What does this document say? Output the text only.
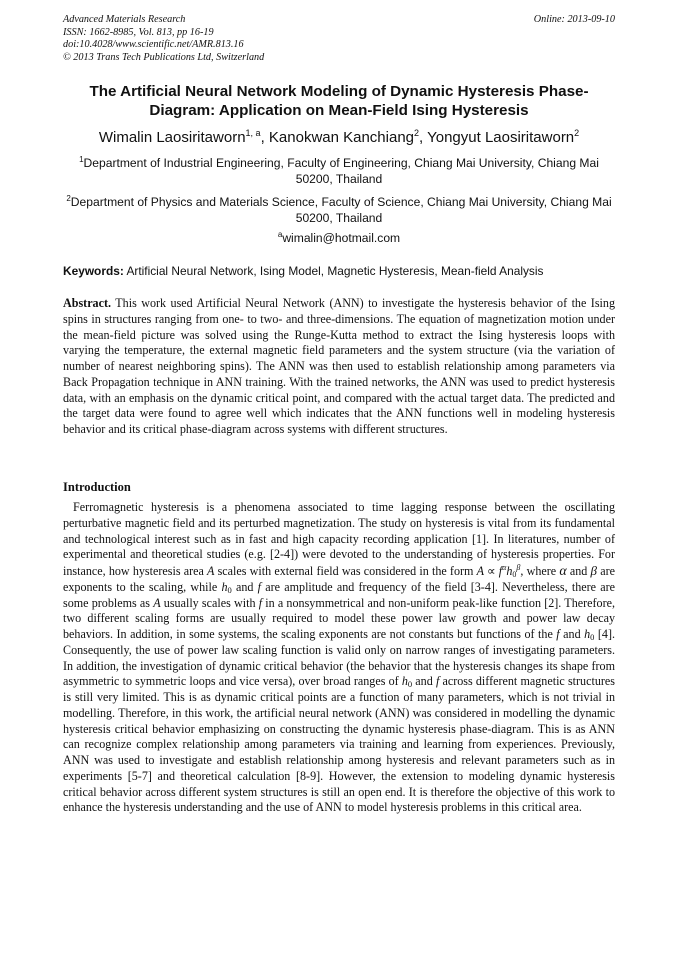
Advanced Materials Research
ISSN: 1662-8985, Vol. 813, pp 16-19
doi:10.4028/www.scientific.net/AMR.813.16
© 2013 Trans Tech Publications Ltd, Switzerland
Online: 2013-09-10
The Artificial Neural Network Modeling of Dynamic Hysteresis Phase-Diagram: Application on Mean-Field Ising Hysteresis
Wimalin Laosiritaworn$^{1, a}$, Kanokwan Kanchiang$^2$, Yongyut Laosiritaworn$^2$
$^1$Department of Industrial Engineering, Faculty of Engineering, Chiang Mai University, Chiang Mai 50200, Thailand
$^2$Department of Physics and Materials Science, Faculty of Science, Chiang Mai University, Chiang Mai 50200, Thailand
$^a$wimalin@hotmail.com
Keywords: Artificial Neural Network, Ising Model, Magnetic Hysteresis, Mean-field Analysis
Abstract. This work used Artificial Neural Network (ANN) to investigate the hysteresis behavior of the Ising spins in structures ranging from one- to two- and three-dimensions. The equation of magnetization motion under the mean-field picture was solved using the Runge-Kutta method to extract the Ising hysteresis loops with varying the temperature, the external magnetic field parameters and the system structure (via the variation of number of nearest neighboring spins). The ANN was then used to establish relationship among parameters via Back Propagation technique in ANN training. With the trained networks, the ANN was used to predict hysteresis data, with an emphasis on the dynamic critical point, and compared with the actual target data. The predicted and the target data were found to agree well which indicates that the ANN functions well in modeling hysteresis behavior and its critical phase-diagram across systems with different structures.
Introduction
Ferromagnetic hysteresis is a phenomena associated to time lagging response between the oscillating perturbative magnetic field and its perturbed magnetization. The study on hysteresis is vital from its fundamental and technological interest such as in fast and high capacity recording application [1]. In literatures, number of experimental and theoretical studies (e.g. [2-4]) were devoted to the understanding of hysteresis properties. For instance, how hysteresis area A scales with external field was considered in the form $A \propto f^\alpha h_0^\beta$, where α and β are exponents to the scaling, while $h_0$ and f are amplitude and frequency of the field [3-4]. Nevertheless, there are some problems as A usually scales with f in a nonsymmetrical and non-uniform peak-like function [2]. Therefore, two different scaling forms are usually required to model these power law growth and power law decay behaviors. In addition, in some systems, the scaling exponents are not constants but functions of the f and $h_0$ [4]. Consequently, the use of power law scaling function is valid only on narrow ranges of investigating parameters. In addition, the investigation of dynamic critical behavior (the behavior that the hysteresis changes its shape from asymmetric to symmetric loops and vice versa), over broad ranges of $h_0$ and f across different magnetic structures is still very limited. This is as dynamic critical points are a function of many parameters, which is not trivial in modelling. Therefore, in this work, the artificial neural network (ANN) was considered in modelling the dynamic hysteresis critical behavior emphasizing on constructing the dynamic hysteresis phase-diagram. This is as ANN can recognize complex relationship among parameters via training and learning from experiences. Previously, ANN was used to investigate and establish relationship among hysteresis and relevant parameters such as in experiments [5-7] and theoretical calculation [8-9]. However, the extension to modeling dynamic hysteresis critical behavior across different system structures is still an open end. It is therefore the objective of this work to enhance the hysteresis understanding and the use of ANN to model hysteresis problems in this critical area.
